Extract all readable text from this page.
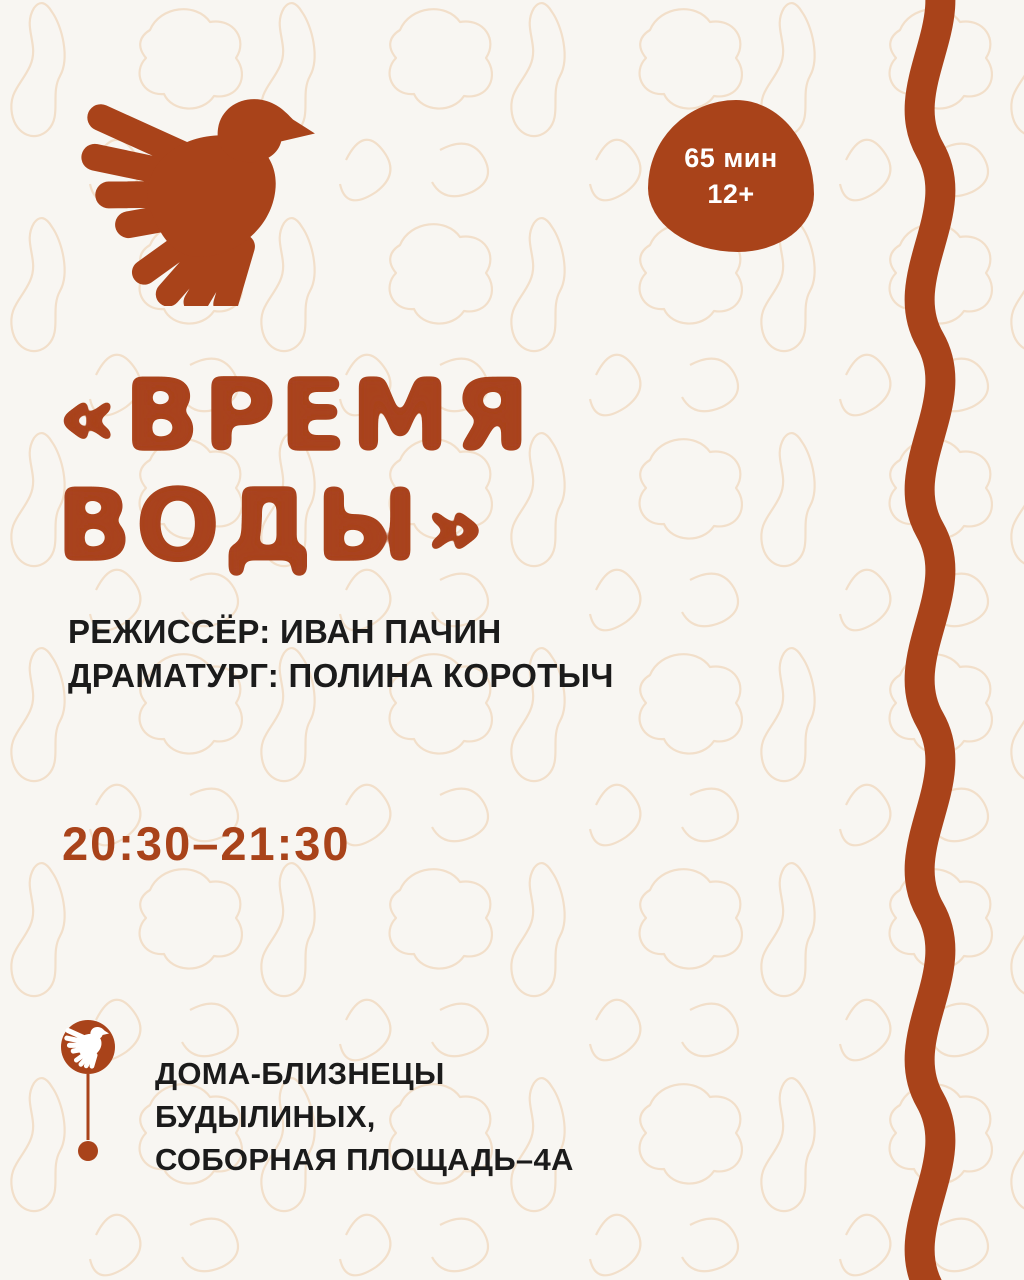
65 мин
12+
«ВРЕМЯ
ВОДЫ»
РЕЖИССЁР: ИВАН ПАЧИН
ДРАМАТУРГ: ПОЛИНА КОРОТЫЧ
20:30–21:30
ДОМА-БЛИЗНЕЦЫ
БУДЫЛИНЫХ,
СОБОРНАЯ ПЛОЩАДЬ–4А
